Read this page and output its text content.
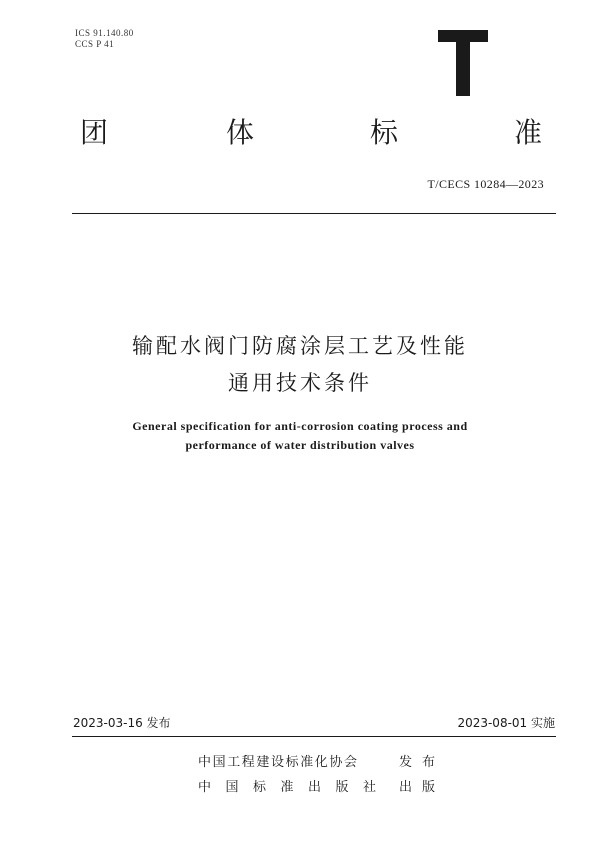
ICS 91.140.80
CCS P 41
团	体	标	准
T/CECS 10284—2023
输配水阀门防腐涂层工艺及性能
通用技术条件
General specification for anti-corrosion coating process and
performance of water distribution valves
2023-03-16 发布	2023-08-01 实施
中国工程建设标准化协会	发布
中国标准出版社 出版
